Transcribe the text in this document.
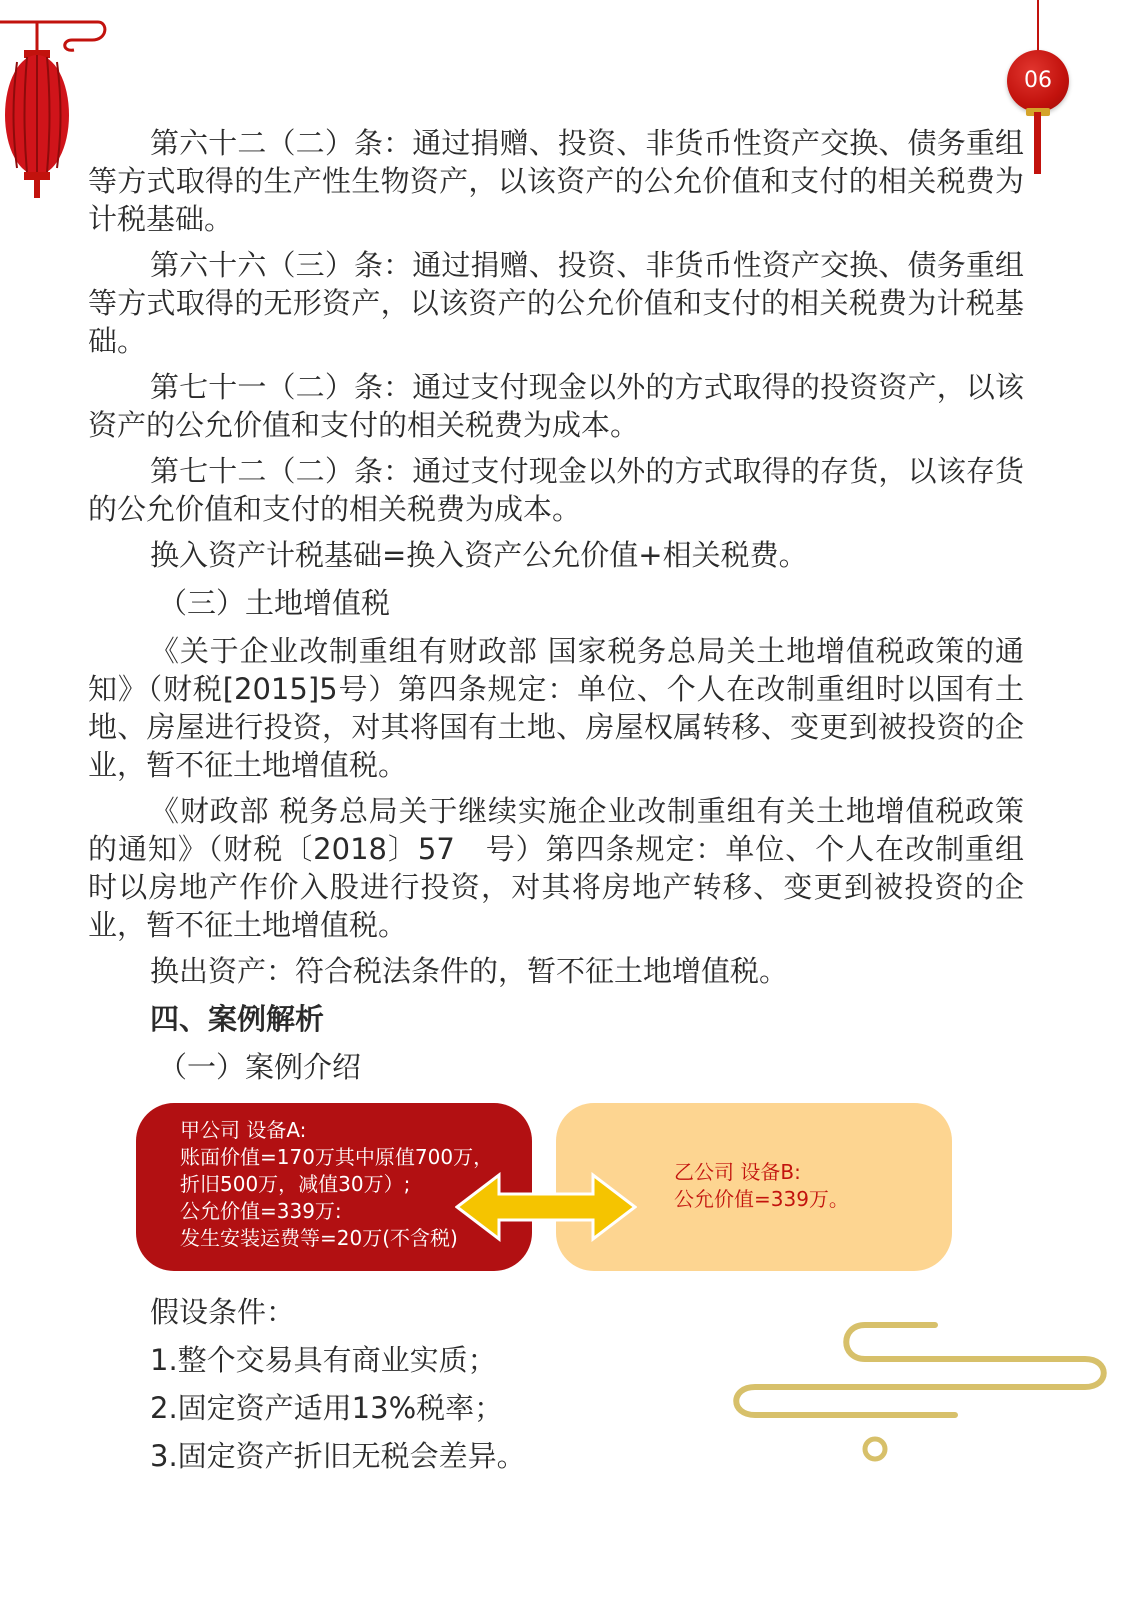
06

第六十二（二）条：通过捐赠、投资、非货币性资产交换、债务重组等方式取得的生产性生物资产，以该资产的公允价值和支付的相关税费为计税基础。

第六十六（三）条：通过捐赠、投资、非货币性资产交换、债务重组等方式取得的无形资产，以该资产的公允价值和支付的相关税费为计税基础。

第七十一（二）条：通过支付现金以外的方式取得的投资资产，以该资产的公允价值和支付的相关税费为成本。

第七十二（二）条：通过支付现金以外的方式取得的存货，以该存货的公允价值和支付的相关税费为成本。

换入资产计税基础=换入资产公允价值+相关税费。

（三）土地增值税

《关于企业改制重组有财政部 国家税务总局关土地增值税政策的通知》（财税[2015]5号）第四条规定：单位、个人在改制重组时以国有土地、房屋进行投资，对其将国有土地、房屋权属转移、变更到被投资的企业，暂不征土地增值税。

《财政部 税务总局关于继续实施企业改制重组有关土地增值税政策的通知》（财税〔2018〕57　号）第四条规定：单位、个人在改制重组时以房地产作价入股进行投资，对其将房地产转移、变更到被投资的企业，暂不征土地增值税。

换出资产：符合税法条件的，暂不征土地增值税。

四、案例解析

（一）案例介绍

甲公司 设备A:
账面价值=170万其中原值700万，
折旧500万，减值30万）;
公允价值=339万:
发生安装运费等=20万(不含税)
乙公司 设备B:
公允价值=339万。
假设条件：
1.整个交易具有商业实质；
2.固定资产适用13%税率；
3.固定资产折旧无税会差异。
